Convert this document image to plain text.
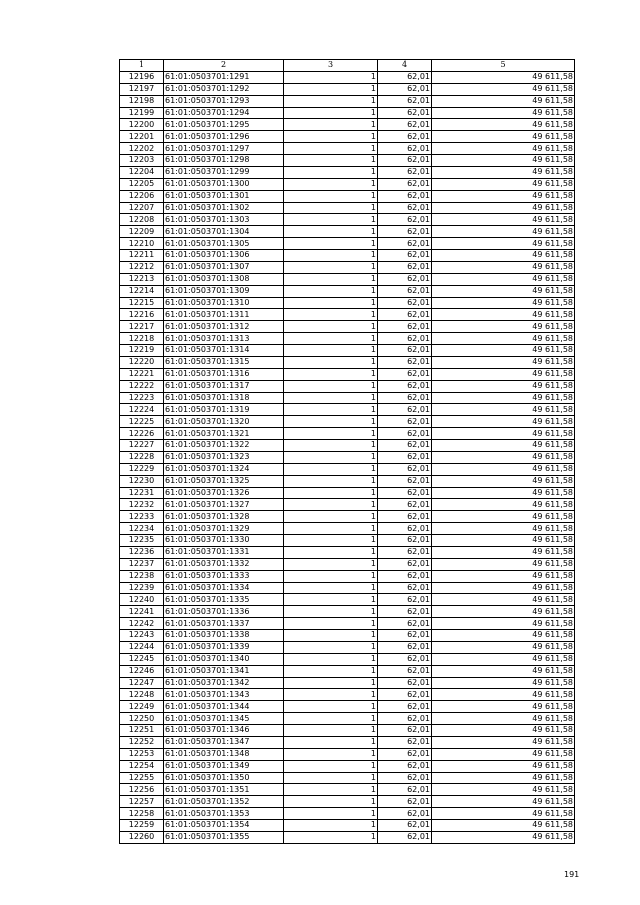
1	2	3	4	5
12196	61:01:0503701:1291	1	62,01	49 611,58
12197	61:01:0503701:1292	1	62,01	49 611,58
12198	61:01:0503701:1293	1	62,01	49 611,58
12199	61:01:0503701:1294	1	62,01	49 611,58
12200	61:01:0503701:1295	1	62,01	49 611,58
12201	61:01:0503701:1296	1	62,01	49 611,58
12202	61:01:0503701:1297	1	62,01	49 611,58
12203	61:01:0503701:1298	1	62,01	49 611,58
12204	61:01:0503701:1299	1	62,01	49 611,58
12205	61:01:0503701:1300	1	62,01	49 611,58
12206	61:01:0503701:1301	1	62,01	49 611,58
12207	61:01:0503701:1302	1	62,01	49 611,58
12208	61:01:0503701:1303	1	62,01	49 611,58
12209	61:01:0503701:1304	1	62,01	49 611,58
12210	61:01:0503701:1305	1	62,01	49 611,58
12211	61:01:0503701:1306	1	62,01	49 611,58
12212	61:01:0503701:1307	1	62,01	49 611,58
12213	61:01:0503701:1308	1	62,01	49 611,58
12214	61:01:0503701:1309	1	62,01	49 611,58
12215	61:01:0503701:1310	1	62,01	49 611,58
12216	61:01:0503701:1311	1	62,01	49 611,58
12217	61:01:0503701:1312	1	62,01	49 611,58
12218	61:01:0503701:1313	1	62,01	49 611,58
12219	61:01:0503701:1314	1	62,01	49 611,58
12220	61:01:0503701:1315	1	62,01	49 611,58
12221	61:01:0503701:1316	1	62,01	49 611,58
12222	61:01:0503701:1317	1	62,01	49 611,58
12223	61:01:0503701:1318	1	62,01	49 611,58
12224	61:01:0503701:1319	1	62,01	49 611,58
12225	61:01:0503701:1320	1	62,01	49 611,58
12226	61:01:0503701:1321	1	62,01	49 611,58
12227	61:01:0503701:1322	1	62,01	49 611,58
12228	61:01:0503701:1323	1	62,01	49 611,58
12229	61:01:0503701:1324	1	62,01	49 611,58
12230	61:01:0503701:1325	1	62,01	49 611,58
12231	61:01:0503701:1326	1	62,01	49 611,58
12232	61:01:0503701:1327	1	62,01	49 611,58
12233	61:01:0503701:1328	1	62,01	49 611,58
12234	61:01:0503701:1329	1	62,01	49 611,58
12235	61:01:0503701:1330	1	62,01	49 611,58
12236	61:01:0503701:1331	1	62,01	49 611,58
12237	61:01:0503701:1332	1	62,01	49 611,58
12238	61:01:0503701:1333	1	62,01	49 611,58
12239	61:01:0503701:1334	1	62,01	49 611,58
12240	61:01:0503701:1335	1	62,01	49 611,58
12241	61:01:0503701:1336	1	62,01	49 611,58
12242	61:01:0503701:1337	1	62,01	49 611,58
12243	61:01:0503701:1338	1	62,01	49 611,58
12244	61:01:0503701:1339	1	62,01	49 611,58
12245	61:01:0503701:1340	1	62,01	49 611,58
12246	61:01:0503701:1341	1	62,01	49 611,58
12247	61:01:0503701:1342	1	62,01	49 611,58
12248	61:01:0503701:1343	1	62,01	49 611,58
12249	61:01:0503701:1344	1	62,01	49 611,58
12250	61:01:0503701:1345	1	62,01	49 611,58
12251	61:01:0503701:1346	1	62,01	49 611,58
12252	61:01:0503701:1347	1	62,01	49 611,58
12253	61:01:0503701:1348	1	62,01	49 611,58
12254	61:01:0503701:1349	1	62,01	49 611,58
12255	61:01:0503701:1350	1	62,01	49 611,58
12256	61:01:0503701:1351	1	62,01	49 611,58
12257	61:01:0503701:1352	1	62,01	49 611,58
12258	61:01:0503701:1353	1	62,01	49 611,58
12259	61:01:0503701:1354	1	62,01	49 611,58
12260	61:01:0503701:1355	1	62,01	49 611,58
191
